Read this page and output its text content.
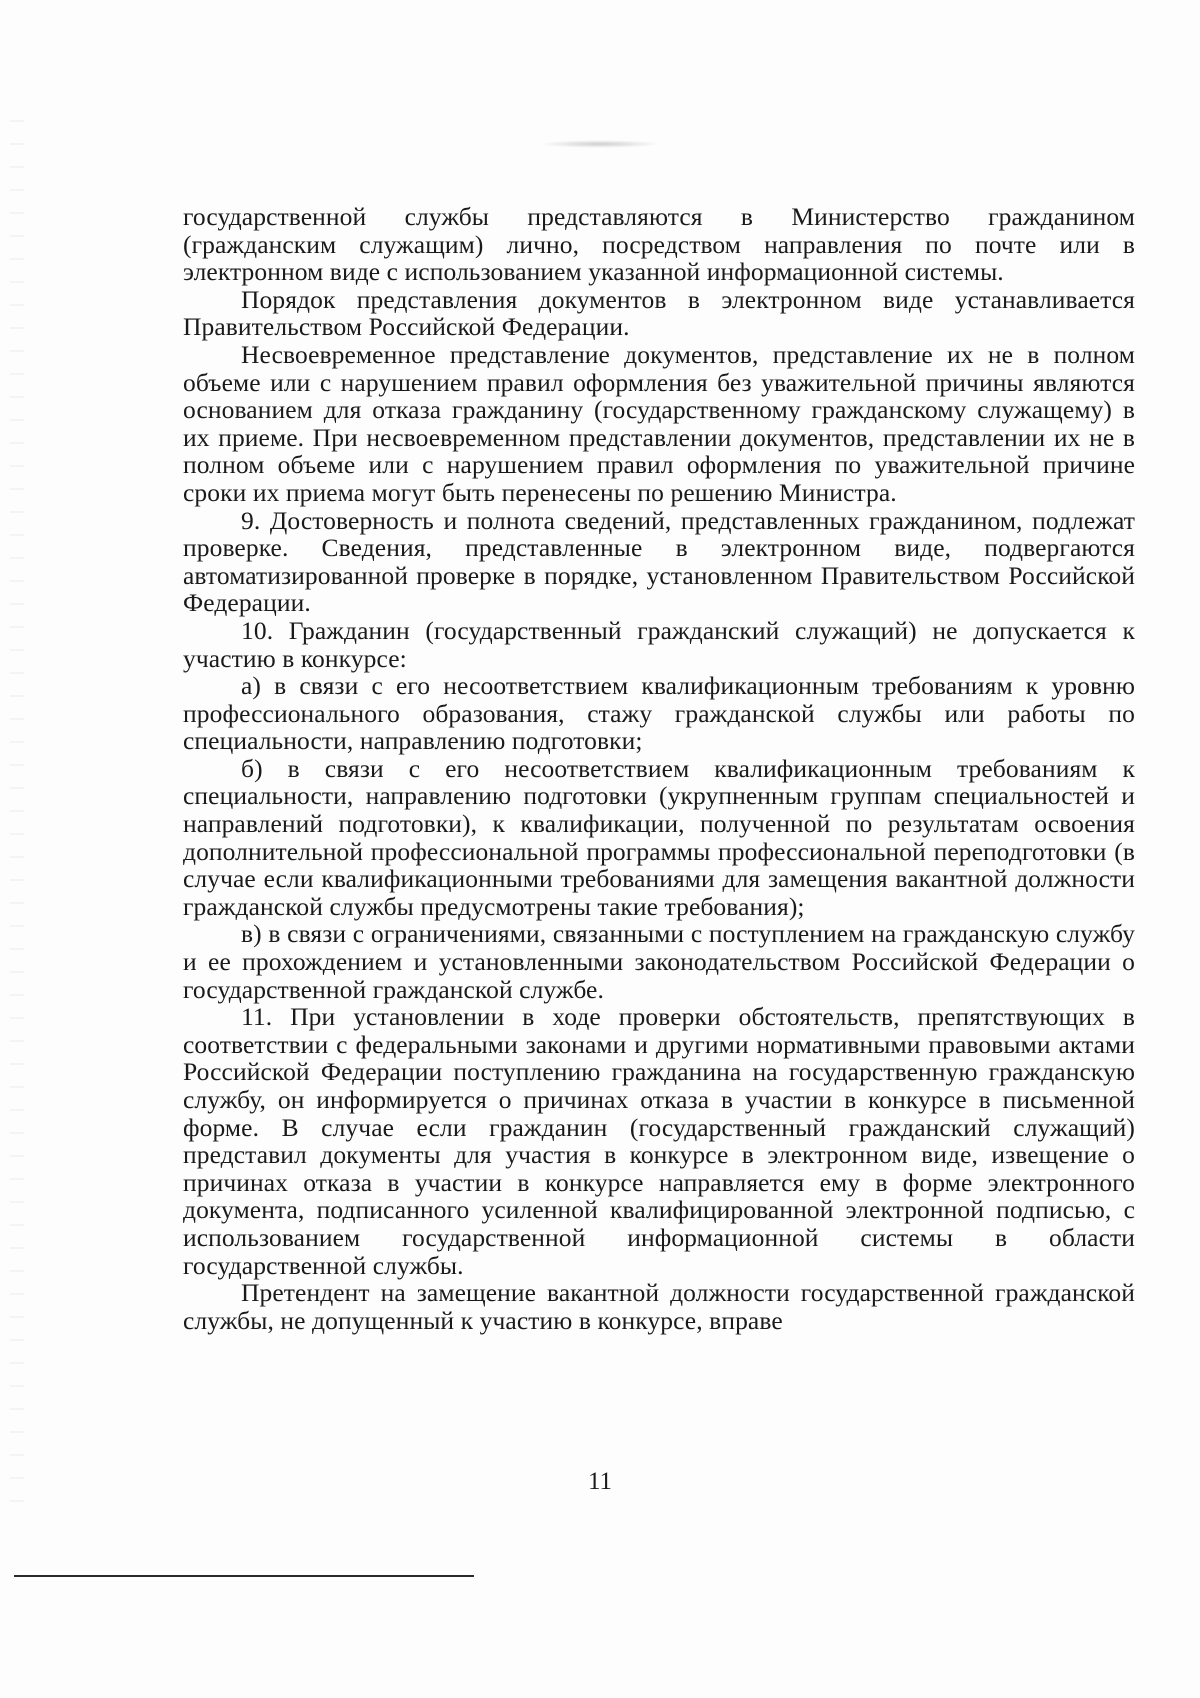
государственной службы представляются в Министерство гражданином (гражданским служащим) лично, посредством направления по почте или в электронном виде с использованием указанной информационной системы.

Порядок представления документов в электронном виде устанавливается Правительством Российской Федерации.

Несвоевременное представление документов, представление их не в полном объеме или с нарушением правил оформления без уважительной причины являются основанием для отказа гражданину (государственному гражданскому служащему) в их приеме. При несвоевременном представлении документов, представлении их не в полном объеме или с нарушением правил оформления по уважительной причине сроки их приема могут быть перенесены по решению Министра.

9. Достоверность и полнота сведений, представленных гражданином, подлежат проверке. Сведения, представленные в электронном виде, подвергаются автоматизированной проверке в порядке, установленном Правительством Российской Федерации.

10. Гражданин (государственный гражданский служащий) не допускается к участию в конкурсе:

а) в связи с его несоответствием квалификационным требованиям к уровню профессионального образования, стажу гражданской службы или работы по специальности, направлению подготовки;

б) в связи с его несоответствием квалификационным требованиям к специальности, направлению подготовки (укрупненным группам специальностей и направлений подготовки), к квалификации, полученной по результатам освоения дополнительной профессиональной программы профессиональной переподготовки (в случае если квалификационными требованиями для замещения вакантной должности гражданской службы предусмотрены такие требования);

в) в связи с ограничениями, связанными с поступлением на гражданскую службу и ее прохождением и установленными законодательством Российской Федерации о государственной гражданской службе.

11. При установлении в ходе проверки обстоятельств, препятствующих в соответствии с федеральными законами и другими нормативными правовыми актами Российской Федерации поступлению гражданина на государственную гражданскую службу, он информируется о причинах отказа в участии в конкурсе в письменной форме. В случае если гражданин (государственный гражданский служащий) представил документы для участия в конкурсе в электронном виде, извещение о причинах отказа в участии в конкурсе направляется ему в форме электронного документа, подписанного усиленной квалифицированной электронной подписью, с использованием государственной информационной системы в области государственной службы.

Претендент на замещение вакантной должности государственной гражданской службы, не допущенный к участию в конкурсе, вправе

11
